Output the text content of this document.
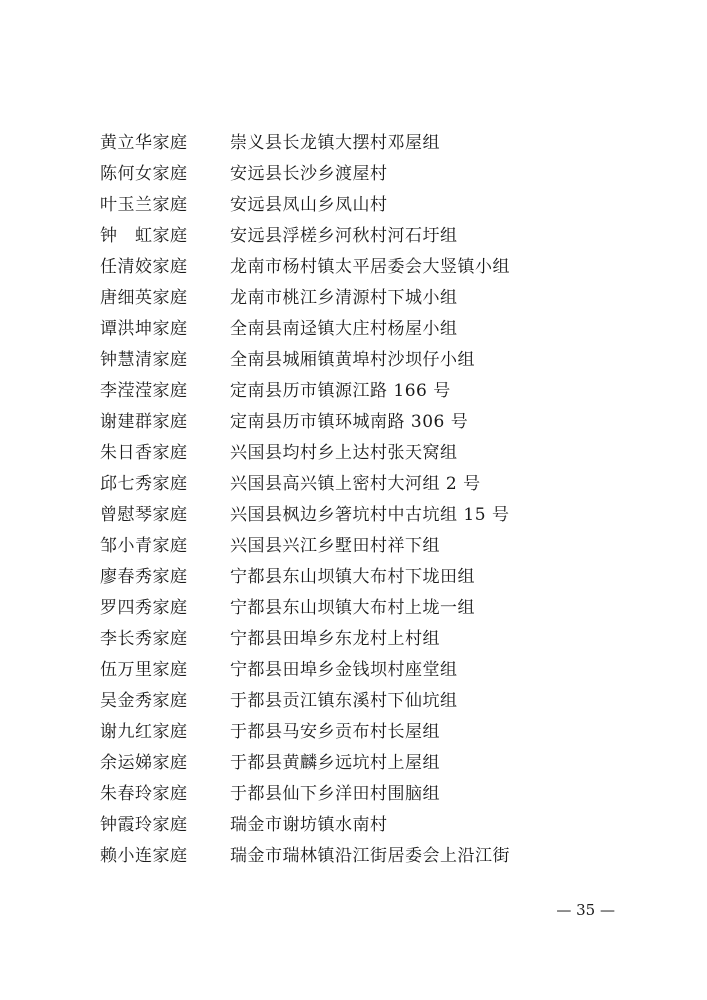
黄立华家庭	崇义县长龙镇大摆村邓屋组
陈何女家庭	安远县长沙乡渡屋村
叶玉兰家庭	安远县凤山乡凤山村
钟　虹家庭	安远县浮槎乡河秋村河石圩组
任清姣家庭	龙南市杨村镇太平居委会大竖镇小组
唐细英家庭	龙南市桃江乡清源村下城小组
谭洪坤家庭	全南县南迳镇大庄村杨屋小组
钟慧清家庭	全南县城厢镇黄埠村沙坝仔小组
李滢滢家庭	定南县历市镇源江路 166 号
谢建群家庭	定南县历市镇环城南路 306 号
朱日香家庭	兴国县均村乡上达村张天窝组
邱七秀家庭	兴国县高兴镇上密村大河组 2 号
曾慰琴家庭	兴国县枫边乡箸坑村中古坑组 15 号
邹小青家庭	兴国县兴江乡墅田村祥下组
廖春秀家庭	宁都县东山坝镇大布村下垅田组
罗四秀家庭	宁都县东山坝镇大布村上垅一组
李长秀家庭	宁都县田埠乡东龙村上村组
伍万里家庭	宁都县田埠乡金钱坝村座堂组
吴金秀家庭	于都县贡江镇东溪村下仙坑组
谢九红家庭	于都县马安乡贡布村长屋组
余运娣家庭	于都县黄麟乡远坑村上屋组
朱春玲家庭	于都县仙下乡洋田村围脑组
钟霞玲家庭	瑞金市谢坊镇水南村
赖小连家庭	瑞金市瑞林镇沿江街居委会上沿江街
— 35 —
